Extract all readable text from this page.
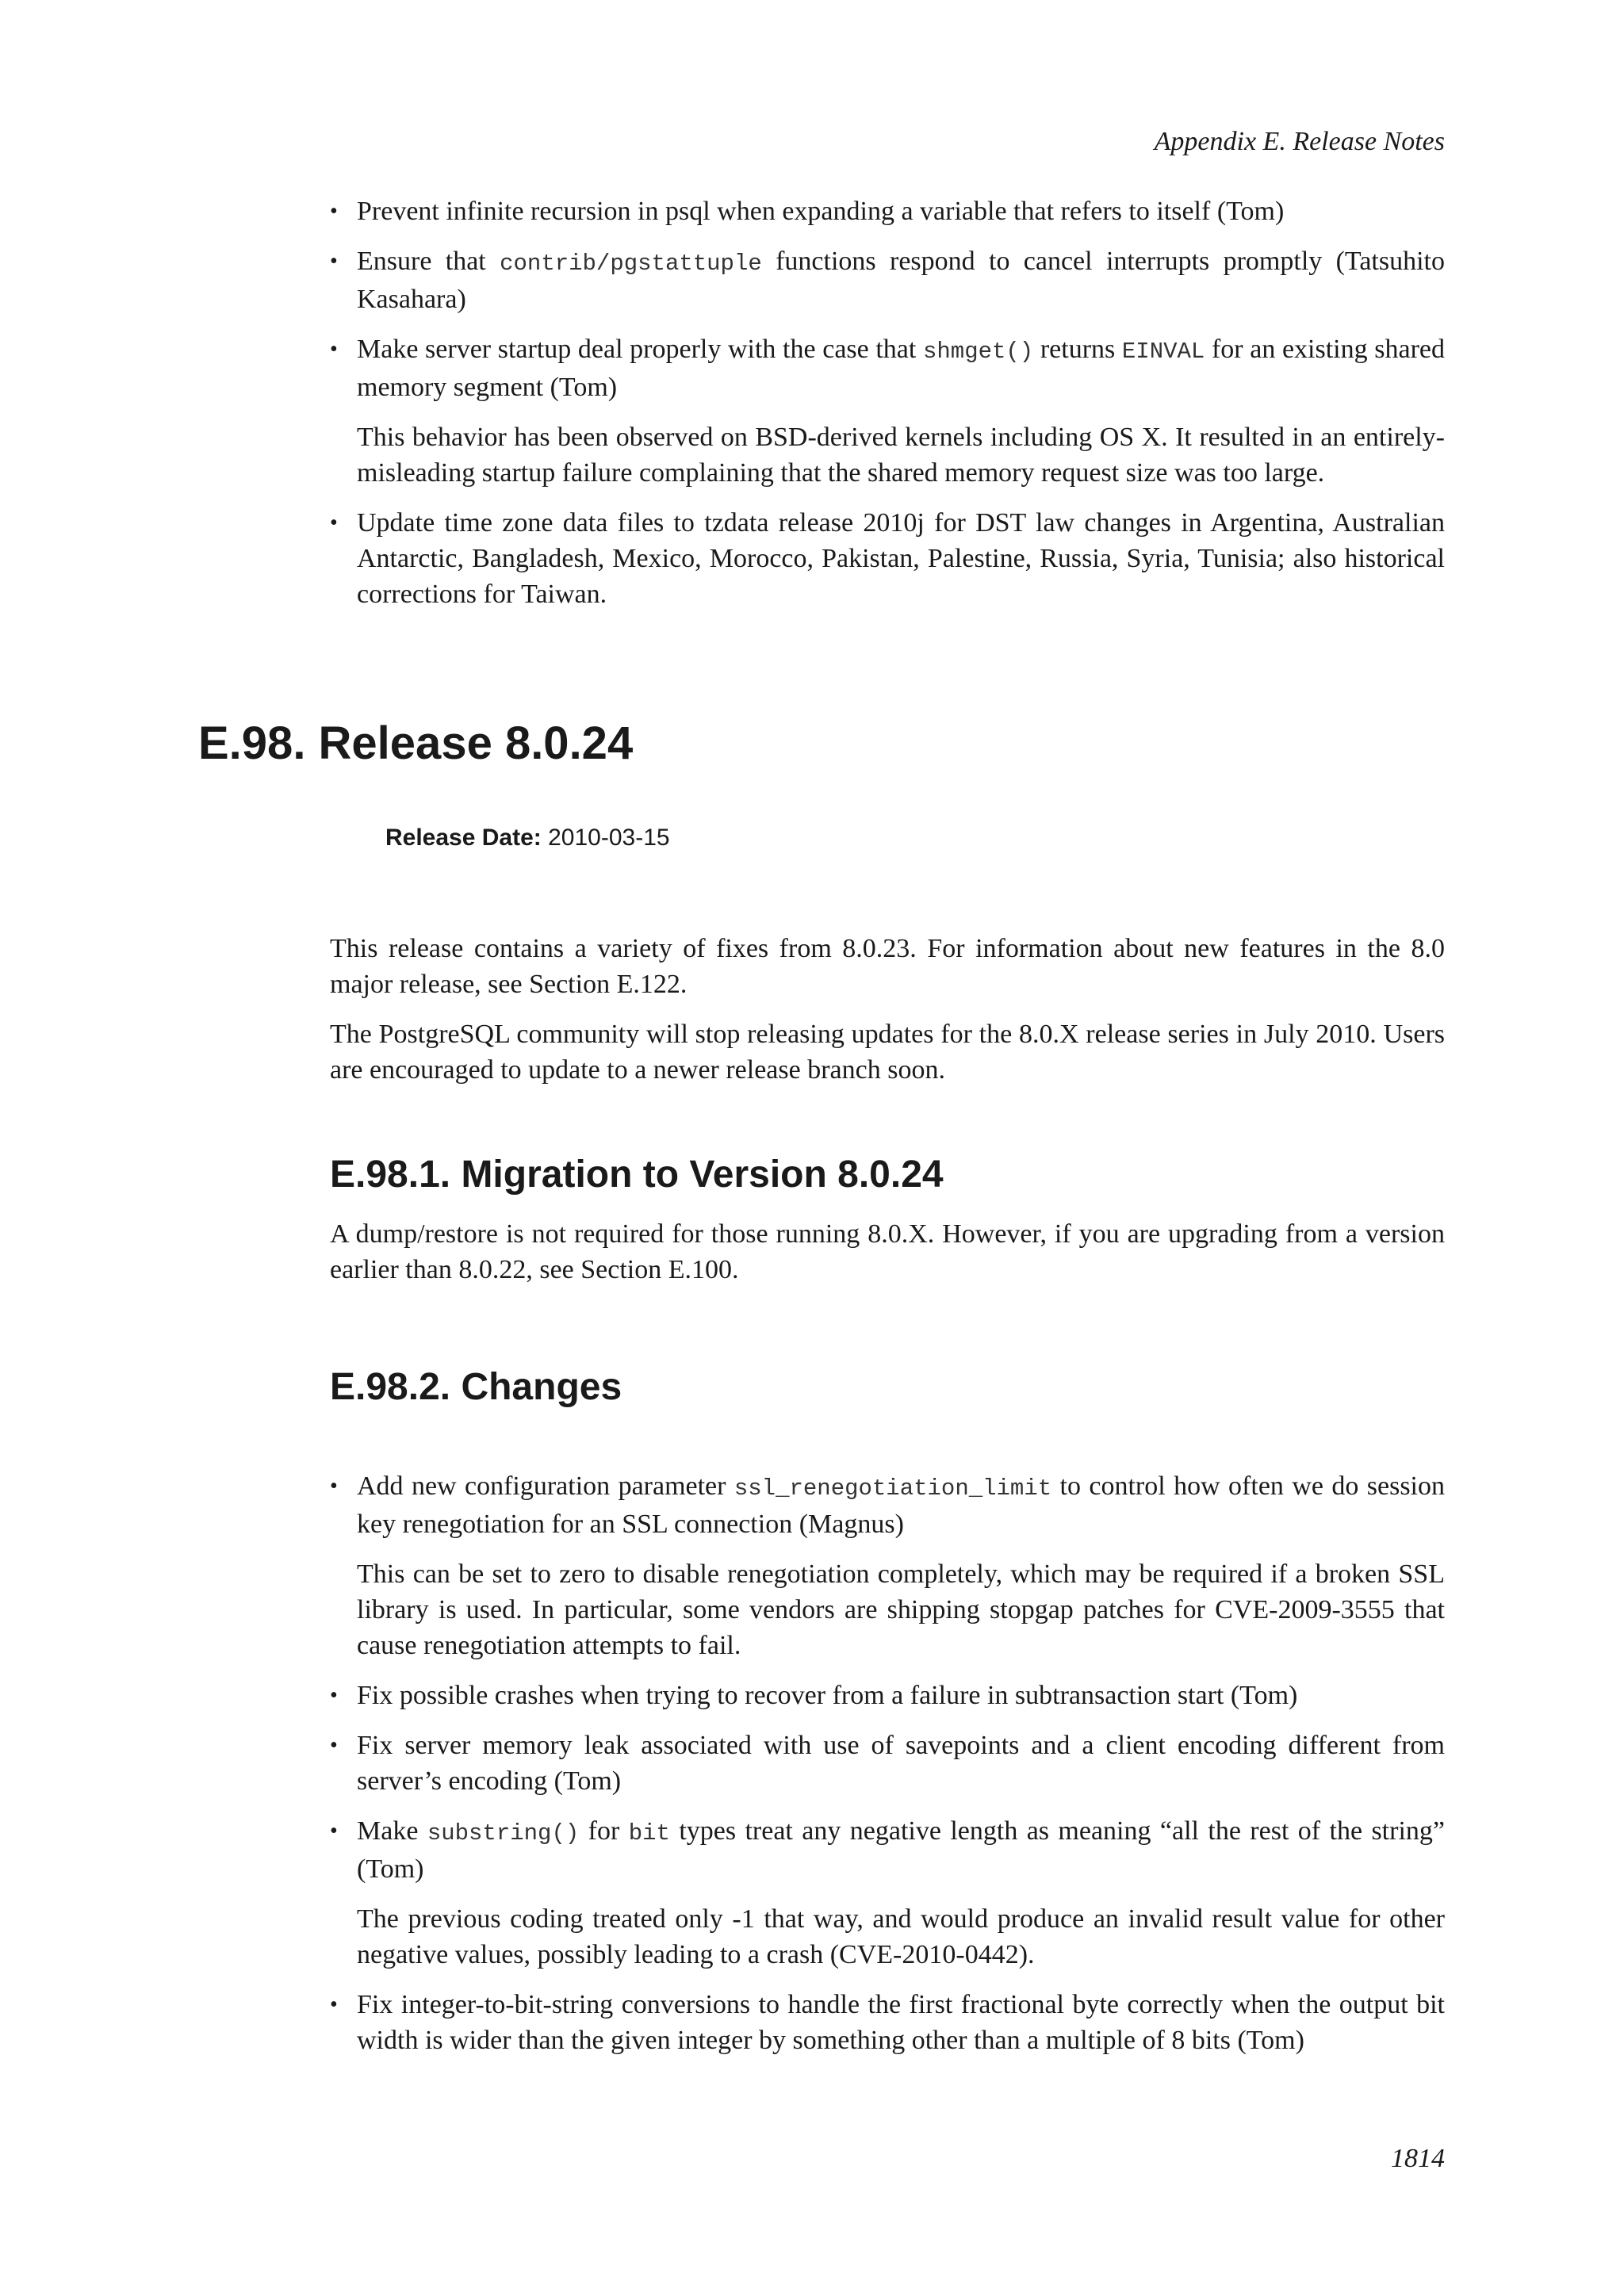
Appendix E. Release Notes
• Prevent infinite recursion in psql when expanding a variable that refers to itself (Tom)
• Ensure that contrib/pgstattuple functions respond to cancel interrupts promptly (Tatsuhito Kasahara)
• Make server startup deal properly with the case that shmget() returns EINVAL for an existing shared memory segment (Tom)

This behavior has been observed on BSD-derived kernels including OS X. It resulted in an entirely-misleading startup failure complaining that the shared memory request size was too large.

• Update time zone data files to tzdata release 2010j for DST law changes in Argentina, Australian Antarctic, Bangladesh, Mexico, Morocco, Pakistan, Palestine, Russia, Syria, Tunisia; also historical corrections for Taiwan.
E.98. Release 8.0.24
Release Date: 2010-03-15

This release contains a variety of fixes from 8.0.23. For information about new features in the 8.0 major release, see Section E.122.

The PostgreSQL community will stop releasing updates for the 8.0.X release series in July 2010. Users are encouraged to update to a newer release branch soon.

E.98.1. Migration to Version 8.0.24

A dump/restore is not required for those running 8.0.X. However, if you are upgrading from a version earlier than 8.0.22, see Section E.100.

E.98.2. Changes
• Add new configuration parameter ssl_renegotiation_limit to control how often we do session key renegotiation for an SSL connection (Magnus)

This can be set to zero to disable renegotiation completely, which may be required if a broken SSL library is used. In particular, some vendors are shipping stopgap patches for CVE-2009-3555 that cause renegotiation attempts to fail.

• Fix possible crashes when trying to recover from a failure in subtransaction start (Tom)
• Fix server memory leak associated with use of savepoints and a client encoding different from server’s encoding (Tom)
• Make substring() for bit types treat any negative length as meaning “all the rest of the string” (Tom)

The previous coding treated only -1 that way, and would produce an invalid result value for other negative values, possibly leading to a crash (CVE-2010-0442).

• Fix integer-to-bit-string conversions to handle the first fractional byte correctly when the output bit width is wider than the given integer by something other than a multiple of 8 bits (Tom)
1814
